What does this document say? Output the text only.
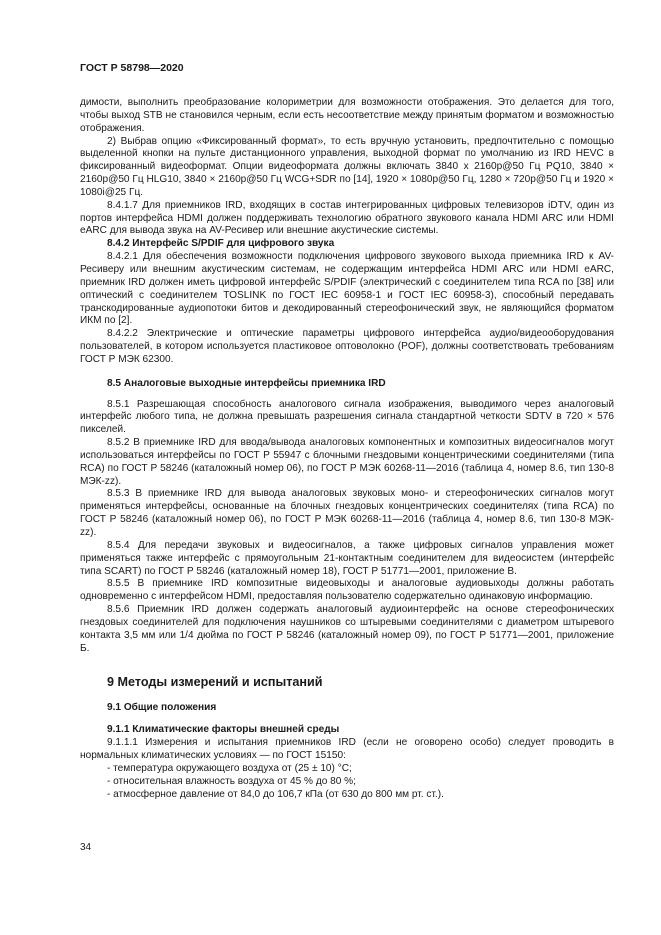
ГОСТ Р 58798—2020

димости, выполнить преобразование колориметрии для возможности отображения. Это делается для того, чтобы выход STB не становился черным, если есть несоответствие между принятым форматом и возможностью отображения.

2) Выбрав опцию «Фиксированный формат», то есть вручную установить, предпочтительно с помощью выделенной кнопки на пульте дистанционного управления, выходной формат по умолчанию из IRD HEVC в фиксированный видеоформат. Опции видеоформата должны включать 3840 x 2160p@50 Гц PQ10, 3840 × 2160p@50 Гц HLG10, 3840 × 2160p@50 Гц WCG+SDR по [14], 1920 × 1080p@50 Гц, 1280 × 720p@50 Гц и 1920 × 1080i@25 Гц.

8.4.1.7 Для приемников IRD, входящих в состав интегрированных цифровых телевизоров iDTV, один из портов интерфейса HDMI должен поддерживать технологию обратного звукового канала HDMI ARC или HDMI eARC для вывода звука на AV-Ресивер или внешние акустические системы.

8.4.2 Интерфейс S/PDIF для цифрового звука

8.4.2.1 Для обеспечения возможности подключения цифрового звукового выхода приемника IRD к AV-Ресиверу или внешним акустическим системам, не содержащим интерфейса HDMI ARC или HDMI eARC, приемник IRD должен иметь цифровой интерфейс S/PDIF (электрический с соединителем типа RCA по [38] или оптический с соединителем TOSLINK по ГОСТ IEC 60958-1 и ГОСТ IEC 60958-3), способный передавать транскодированные аудиопотоки битов и декодированный стереофонический звук, не являющийся форматом ИКМ по [2].

8.4.2.2 Электрические и оптические параметры цифрового интерфейса аудио/видеооборудования пользователей, в котором используется пластиковое оптоволокно (POF), должны соответствовать требованиям ГОСТ Р МЭК 62300.

8.5 Аналоговые выходные интерфейсы приемника IRD

8.5.1 Разрешающая способность аналогового сигнала изображения, выводимого через аналоговый интерфейс любого типа, не должна превышать разрешения сигнала стандартной четкости SDTV в 720 × 576 пикселей.

8.5.2 В приемнике IRD для ввода/вывода аналоговых компонентных и композитных видеосигналов могут использоваться интерфейсы по ГОСТ Р 55947 с блочными гнездовыми концентрическими соединителями (типа RCA) по ГОСТ Р 58246 (каталожный номер 06), по ГОСТ Р МЭК 60268-11—2016 (таблица 4, номер 8.6, тип 130-8 МЭК-zz).

8.5.3 В приемнике IRD для вывода аналоговых звуковых моно- и стереофонических сигналов могут применяться интерфейсы, основанные на блочных гнездовых концентрических соединителях (типа RCA) по ГОСТ Р 58246 (каталожный номер 06), по ГОСТ Р МЭК 60268-11—2016 (таблица 4, номер 8.6, тип 130-8 МЭК-zz).

8.5.4 Для передачи звуковых и видеосигналов, а также цифровых сигналов управления может применяться также интерфейс с прямоугольным 21-контактным соединителем для видеосистем (интерфейс типа SCART) по ГОСТ Р 58246 (каталожный номер 18), ГОСТ Р 51771—2001, приложение В.

8.5.5 В приемнике IRD композитные видеовыходы и аналоговые аудиовыходы должны работать одновременно с интерфейсом HDMI, предоставляя пользователю содержательно одинаковую информацию.

8.5.6 Приемник IRD должен содержать аналоговый аудиоинтерфейс на основе стереофонических гнездовых соединителей для подключения наушников со штыревыми соединителями с диаметром штыревого контакта 3,5 мм или 1/4 дюйма по ГОСТ Р 58246 (каталожный номер 09), по ГОСТ Р 51771—2001, приложение Б.

9 Методы измерений и испытаний

9.1 Общие положения

9.1.1 Климатические факторы внешней среды

9.1.1.1 Измерения и испытания приемников IRD (если не оговорено особо) следует проводить в нормальных климатических условиях — по ГОСТ 15150:

- температура окружающего воздуха от (25 ± 10) °С;

- относительная влажность воздуха от 45 % до 80 %;

- атмосферное давление от 84,0 до 106,7 кПа (от 630 до 800 мм рт. ст.).

34
